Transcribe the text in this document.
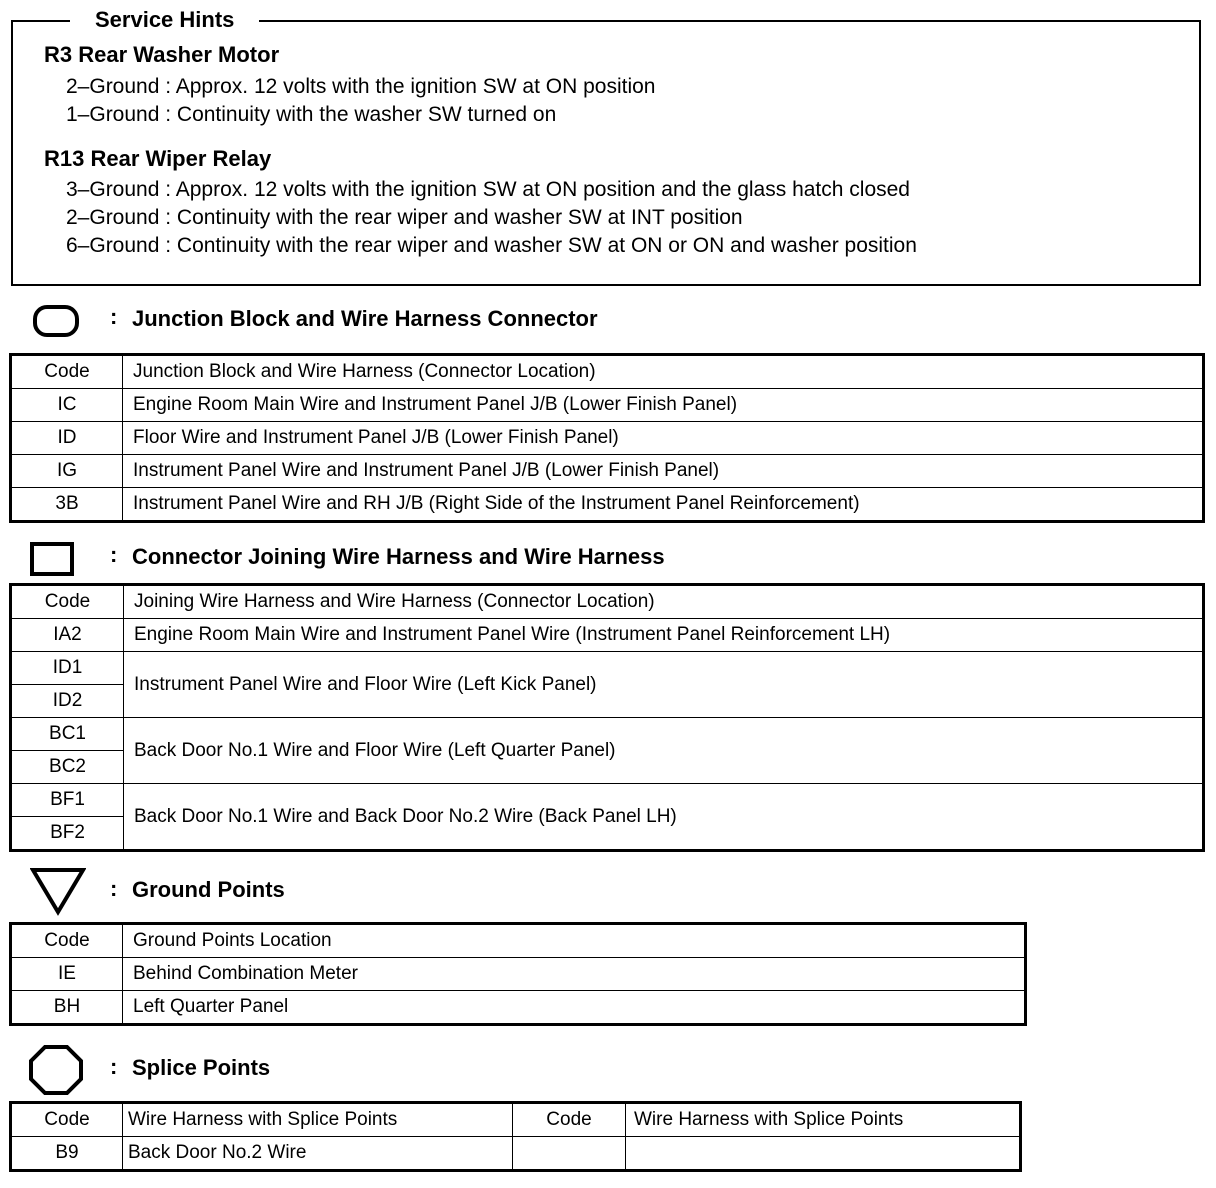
Service Hints
R3 Rear Washer Motor
2–Ground : Approx. 12 volts with the ignition SW at ON position
1–Ground : Continuity with the washer SW turned on
R13 Rear Wiper Relay
3–Ground : Approx. 12 volts with the ignition SW at ON position and the glass hatch closed
2–Ground : Continuity with the rear wiper and washer SW at INT position
6–Ground : Continuity with the rear wiper and washer SW at ON or ON and washer position
: Junction Block and Wire Harness Connector
Code	Junction Block and Wire Harness (Connector Location)
IC	Engine Room Main Wire and Instrument Panel J/B (Lower Finish Panel)
ID	Floor Wire and Instrument Panel J/B (Lower Finish Panel)
IG	Instrument Panel Wire and Instrument Panel J/B (Lower Finish Panel)
3B	Instrument Panel Wire and RH J/B (Right Side of the Instrument Panel Reinforcement)
: Connector Joining Wire Harness and Wire Harness
Code	Joining Wire Harness and Wire Harness (Connector Location)
IA2	Engine Room Main Wire and Instrument Panel Wire (Instrument Panel Reinforcement LH)
ID1	Instrument Panel Wire and Floor Wire (Left Kick Panel)
ID2	
BC1	Back Door No.1 Wire and Floor Wire (Left Quarter Panel)
BC2	
BF1	Back Door No.1 Wire and Back Door No.2 Wire (Back Panel LH)
BF2	
: Ground Points
Code	Ground Points Location
IE	Behind Combination Meter
BH	Left Quarter Panel
: Splice Points
Code	Wire Harness with Splice Points	Code	Wire Harness with Splice Points
B9	Back Door No.2 Wire		
